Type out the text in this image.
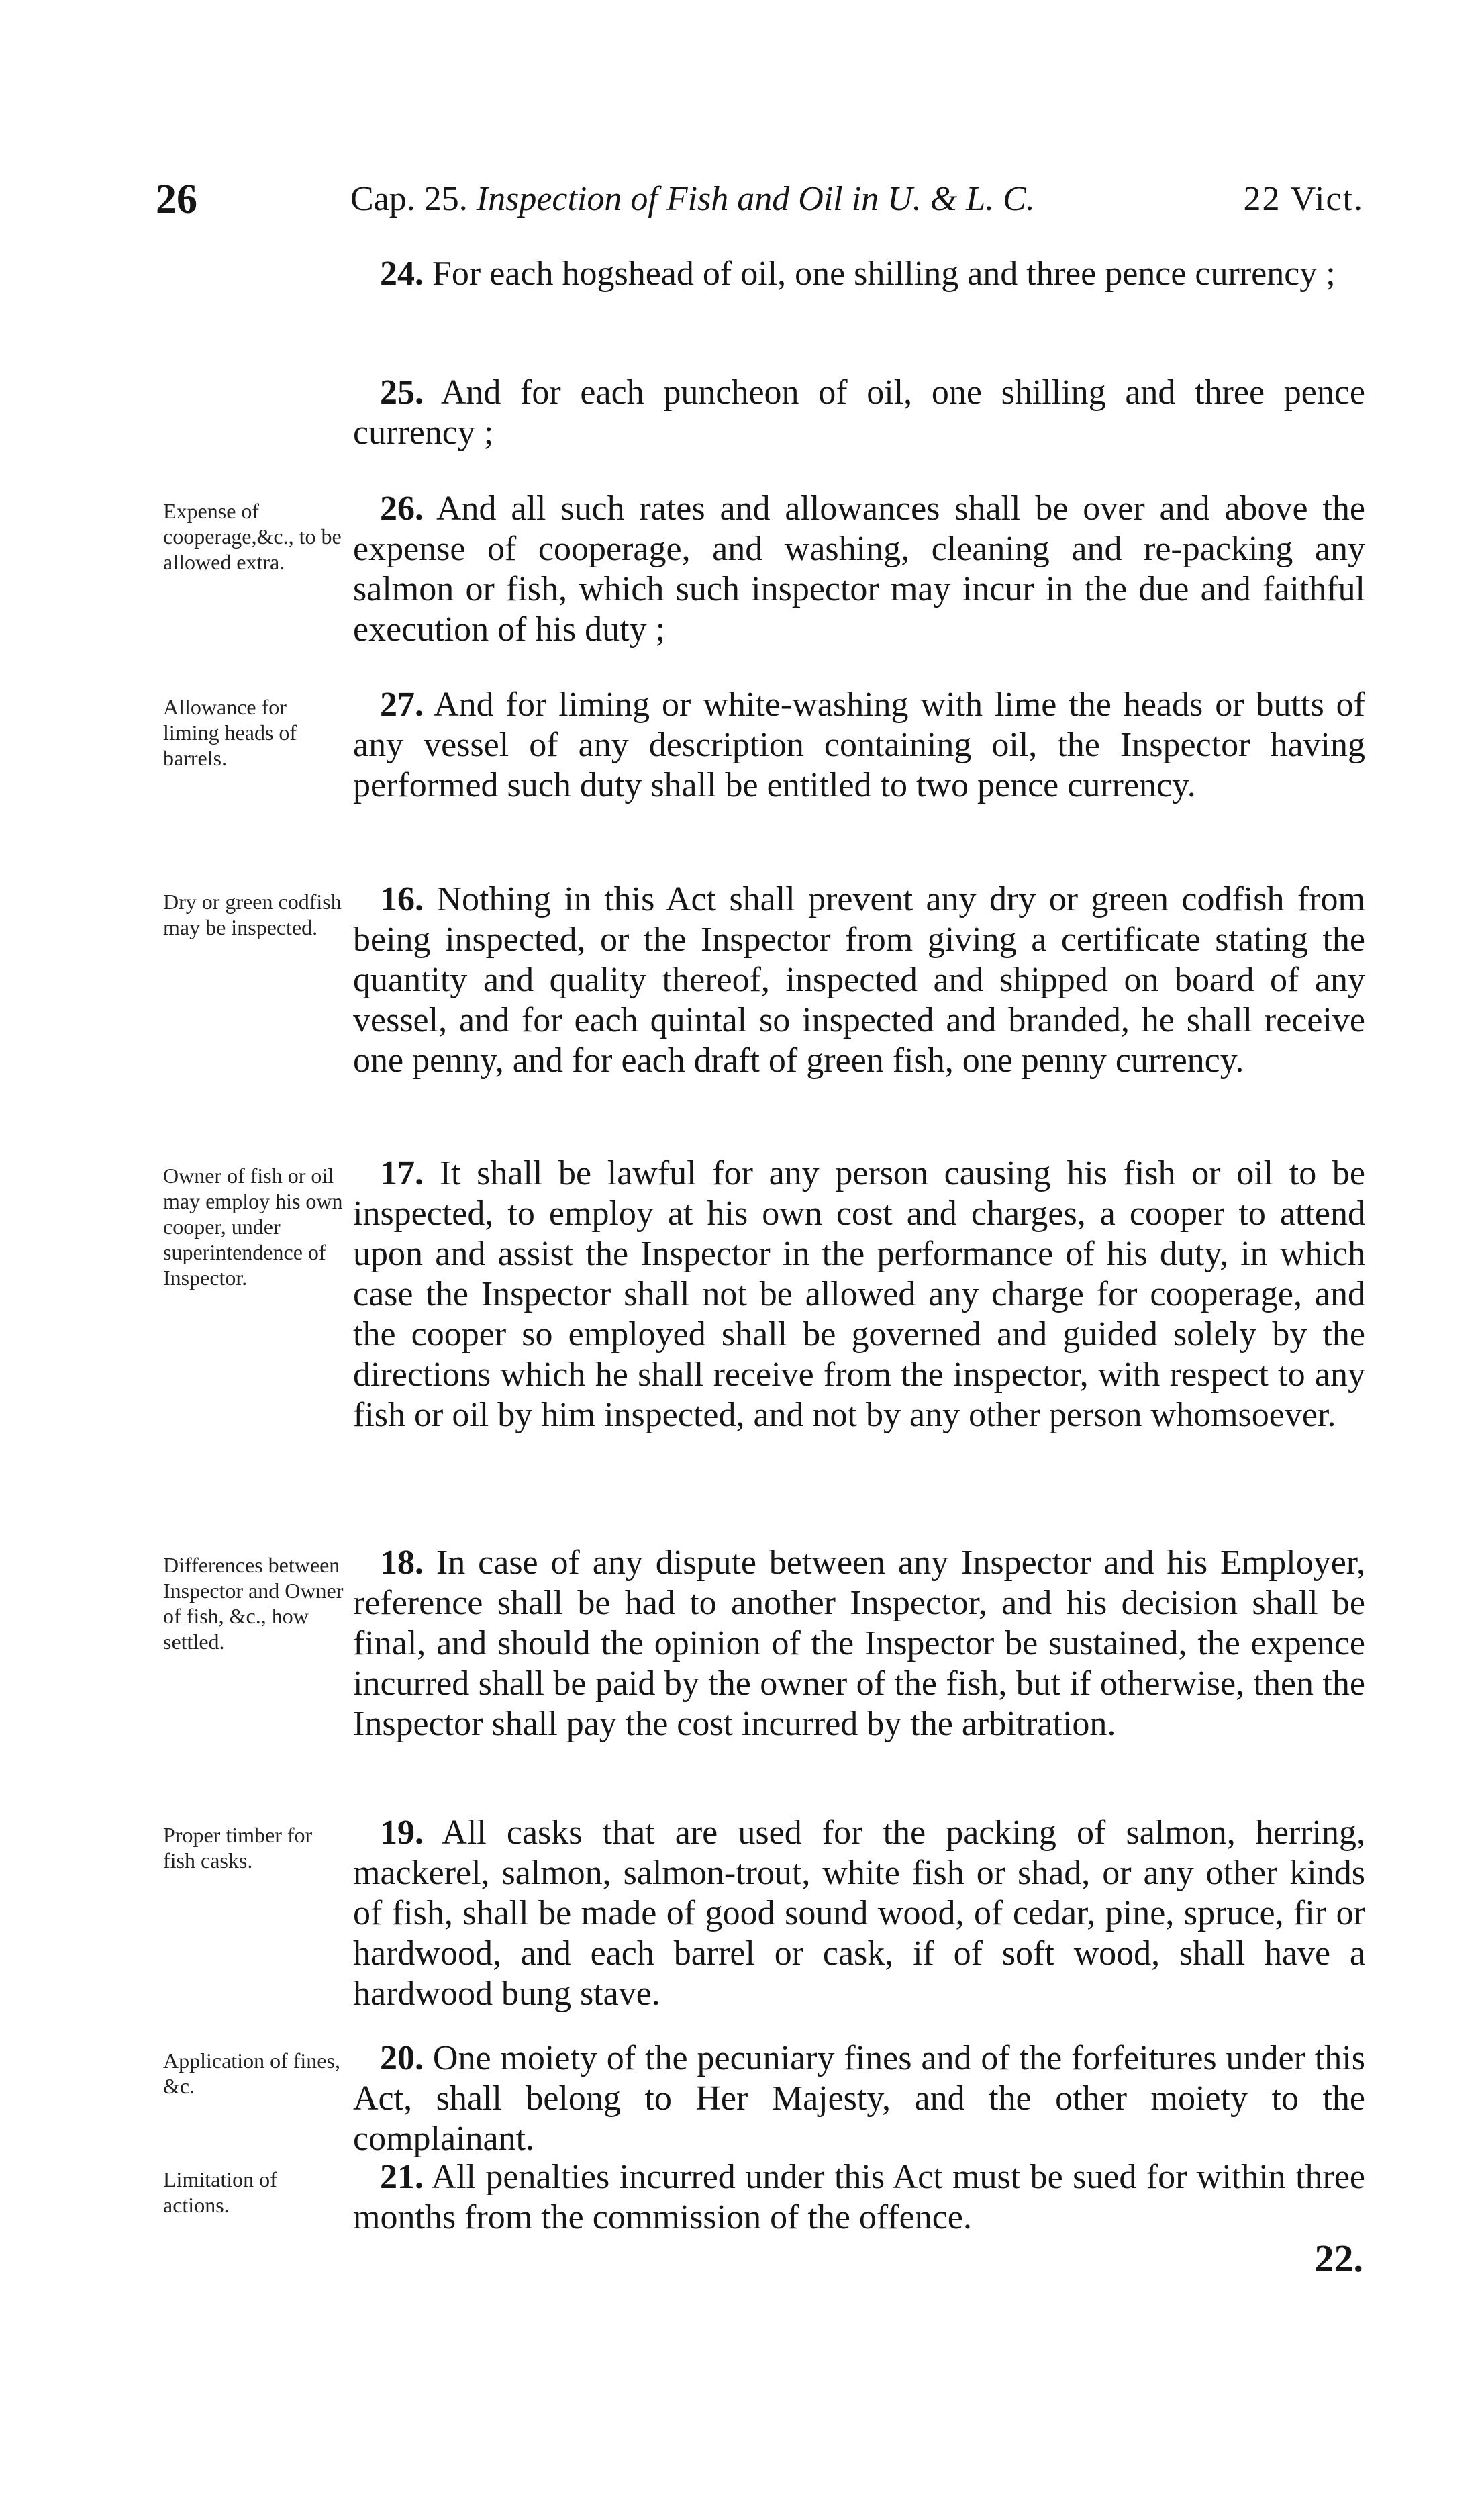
26	Cap. 25. Inspection of Fish and Oil in U. & L. C.	22 Vict.
24. For each hogshead of oil, one shilling and three pence currency ;
25. And for each puncheon of oil, one shilling and three pence currency ;
Expense of cooperage,&c., to be allowed extra.
26. And all such rates and allowances shall be over and above the expense of cooperage, and washing, cleaning and re-packing any salmon or fish, which such inspector may incur in the due and faithful execution of his duty ;
Allowance for liming heads of barrels.
27. And for liming or white-washing with lime the heads or butts of any vessel of any description containing oil, the Inspector having performed such duty shall be entitled to two pence currency.
Dry or green codfish may be inspected.
16. Nothing in this Act shall prevent any dry or green codfish from being inspected, or the Inspector from giving a certificate stating the quantity and quality thereof, inspected and shipped on board of any vessel, and for each quintal so inspected and branded, he shall receive one penny, and for each draft of green fish, one penny currency.
Owner of fish or oil may employ his own cooper, under superintendence of Inspector.
17. It shall be lawful for any person causing his fish or oil to be inspected, to employ at his own cost and charges, a cooper to attend upon and assist the Inspector in the performance of his duty, in which case the Inspector shall not be allowed any charge for cooperage, and the cooper so employed shall be governed and guided solely by the directions which he shall receive from the inspector, with respect to any fish or oil by him inspected, and not by any other person whomsoever.
Differences between Inspector and Owner of fish, &c., how settled.
18. In case of any dispute between any Inspector and his Employer, reference shall be had to another Inspector, and his decision shall be final, and should the opinion of the Inspector be sustained, the expence incurred shall be paid by the owner of the fish, but if otherwise, then the Inspector shall pay the cost incurred by the arbitration.
Proper timber for fish casks.
19. All casks that are used for the packing of salmon, herring, mackerel, salmon, salmon-trout, white fish or shad, or any other kinds of fish, shall be made of good sound wood, of cedar, pine, spruce, fir or hardwood, and each barrel or cask, if of soft wood, shall have a hardwood bung stave.
Application of fines, &c.
20. One moiety of the pecuniary fines and of the forfeitures under this Act, shall belong to Her Majesty, and the other moiety to the complainant.
Limitation of actions.
21. All penalties incurred under this Act must be sued for within three months from the commission of the offence.
22.
